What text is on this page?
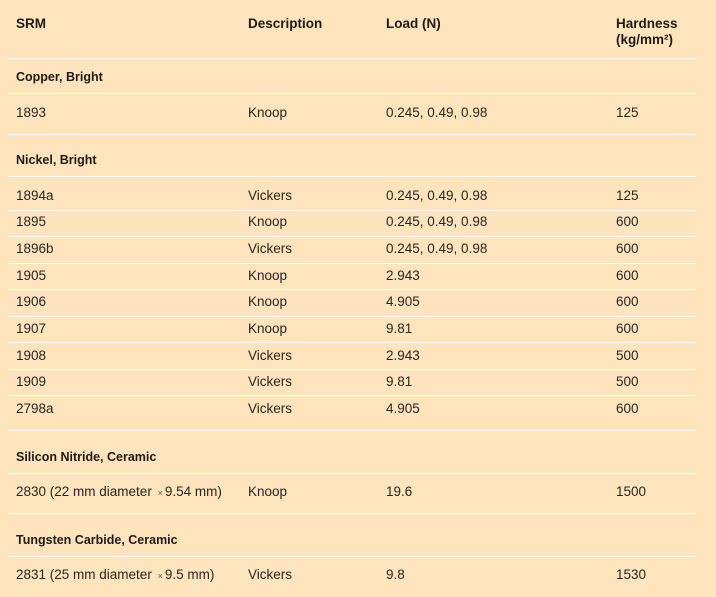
SRM	Description	Load (N)	Hardness
(kg/mm²)
Copper, Bright
1893	Knoop	0.245, 0.49, 0.98	125
Nickel, Bright
1894a	Vickers	0.245, 0.49, 0.98	125
1895	Knoop	0.245, 0.49, 0.98	600
1896b	Vickers	0.245, 0.49, 0.98	600
1905	Knoop	2.943	600
1906	Knoop	4.905	600
1907	Knoop	9.81	600
1908	Vickers	2.943	500
1909	Vickers	9.81	500
2798a	Vickers	4.905	600
Silicon Nitride, Ceramic
2830 (22 mm diameter × 9.54 mm) Knoop	19.6	1500
Tungsten Carbide, Ceramic
2831 (25 mm diameter × 9.5 mm) Vickers	9.8	1530
